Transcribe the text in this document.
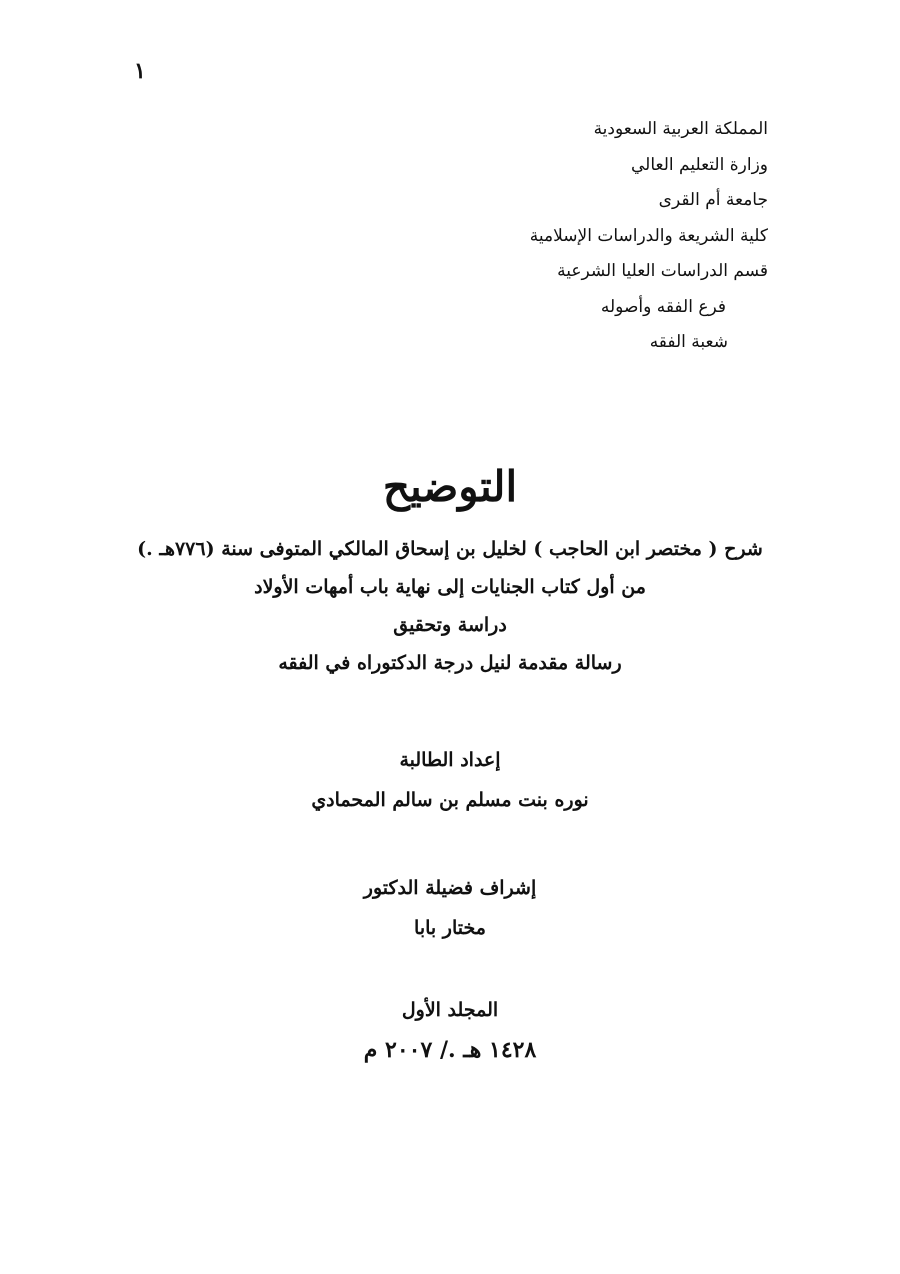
١
المملكة العربية السعودية
وزارة التعليم العالي
جامعة أم القرى
كلية الشريعة والدراسات الإسلامية
قسم الدراسات العليا الشرعية
فرع الفقه وأصوله
شعبة الفقه
التوضيح
شرح ( مختصر ابن الحاجب ) لخليل بن إسحاق المالكي المتوفى سنة (٧٧٦هـ .)
من أول كتاب الجنايات إلى نهاية باب أمهات الأولاد
دراسة وتحقيق
رسالة مقدمة لنيل درجة الدكتوراه في الفقه
إعداد الطالبة
نوره بنت مسلم بن سالم المحمادي
إشراف فضيلة الدكتور
مختار بابا
المجلد الأول
١٤٢٨ هـ ./ ٢٠٠٧ م
